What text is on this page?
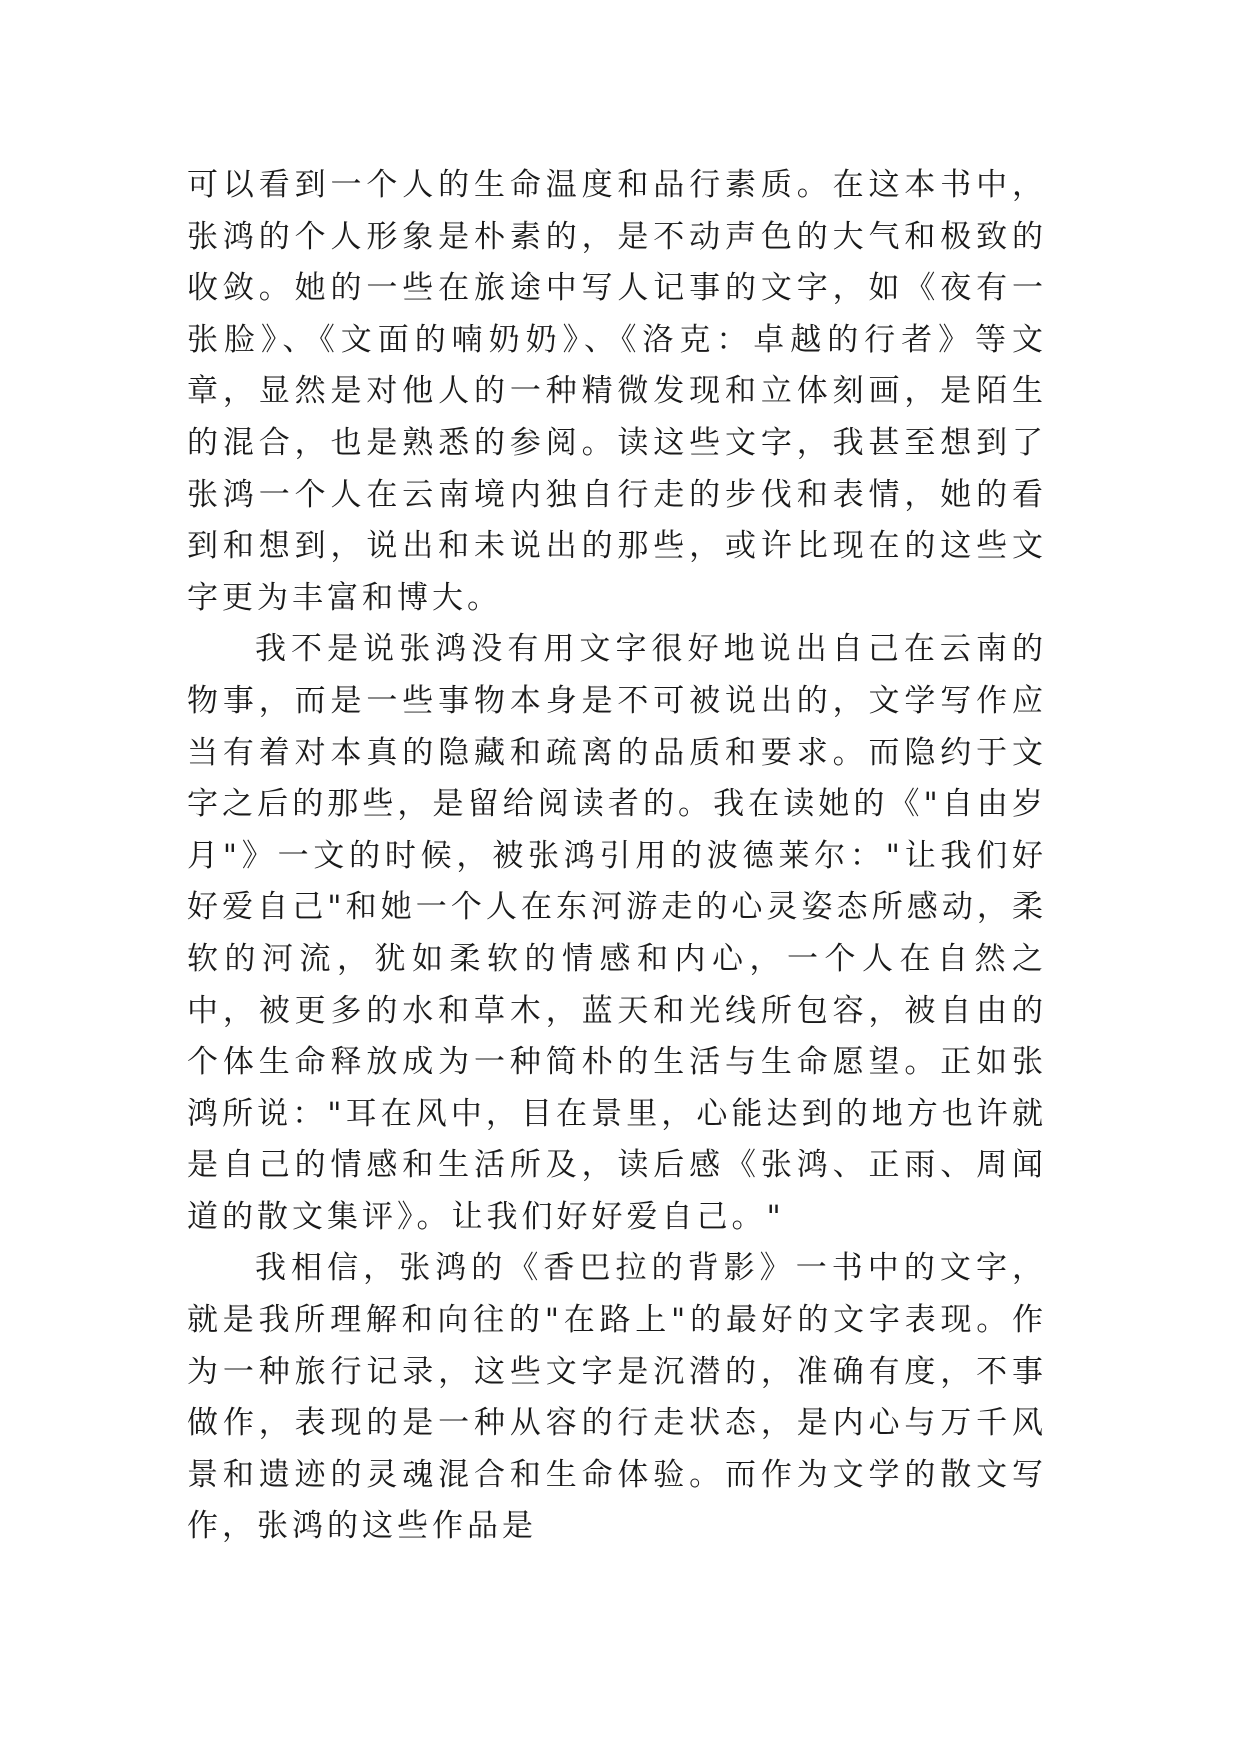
可以看到一个人的生命温度和品行素质。在这本书中，张鸿的个人形象是朴素的，是不动声色的大气和极致的收敛。她的一些在旅途中写人记事的文字，如《夜有一张脸》、《文面的喃奶奶》、《洛克：卓越的行者》等文章，显然是对他人的一种精微发现和立体刻画，是陌生的混合，也是熟悉的参阅。读这些文字，我甚至想到了张鸿一个人在云南境内独自行走的步伐和表情，她的看到和想到，说出和未说出的那些，或许比现在的这些文字更为丰富和博大。

我不是说张鸿没有用文字很好地说出自己在云南的物事，而是一些事物本身是不可被说出的，文学写作应当有着对本真的隐藏和疏离的品质和要求。而隐约于文字之后的那些，是留给阅读者的。我在读她的《"自由岁月"》一文的时候，被张鸿引用的波德莱尔："让我们好好爱自己"和她一个人在东河游走的心灵姿态所感动，柔软的河流，犹如柔软的情感和内心，一个人在自然之中，被更多的水和草木，蓝天和光线所包容，被自由的个体生命释放成为一种简朴的生活与生命愿望。正如张鸿所说："耳在风中，目在景里，心能达到的地方也许就是自己的情感和生活所及，读后感《张鸿、正雨、周闻道的散文集评》。让我们好好爱自己。"

我相信，张鸿的《香巴拉的背影》一书中的文字，就是我所理解和向往的"在路上"的最好的文字表现。作为一种旅行记录，这些文字是沉潜的，准确有度，不事做作，表现的是一种从容的行走状态，是内心与万千风景和遗迹的灵魂混合和生命体验。而作为文学的散文写作，张鸿的这些作品是
